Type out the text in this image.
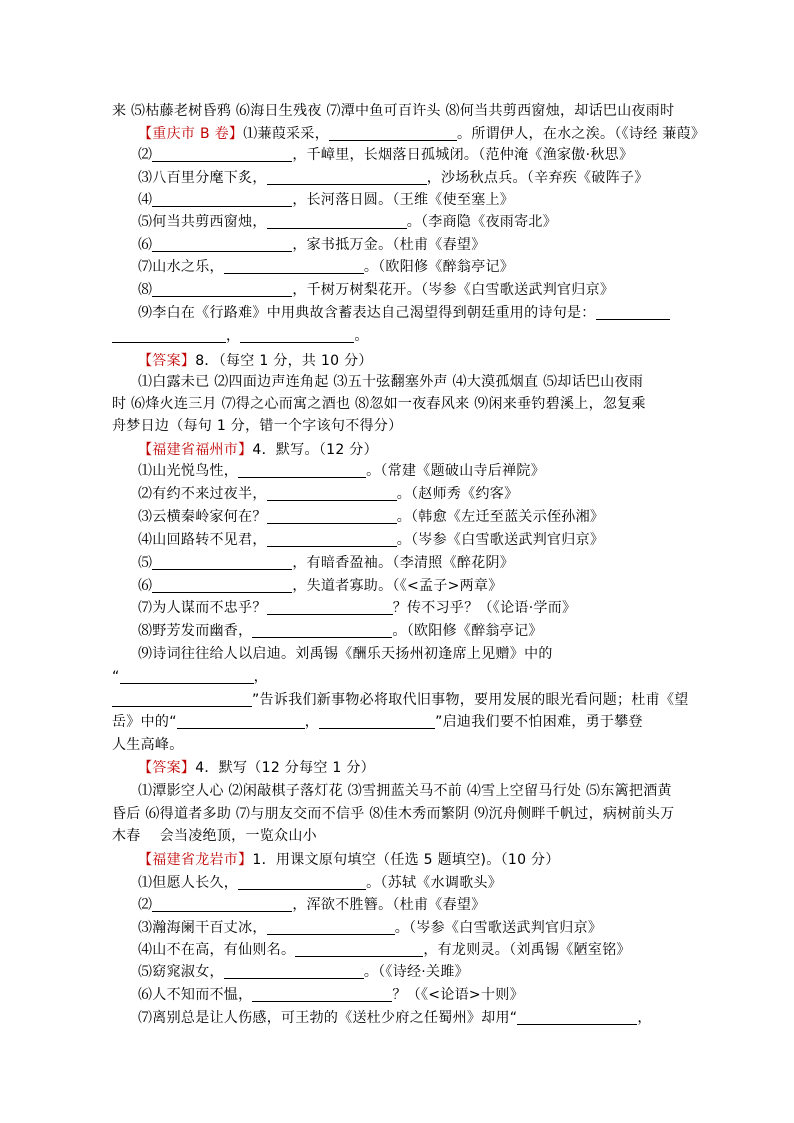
来 ⑸枯藤老树昏鸦 ⑹海日生残夜 ⑺潭中鱼可百许头 ⑻何当共剪西窗烛，却话巴山夜雨时
【重庆市 B 卷】⑴蒹葭采采，	。所谓伊人，在水之涘。（《诗经 蒹葭》
⑵	，千嶂里，长烟落日孤城闭。（范仲淹《渔家傲·秋思》
⑶八百里分麾下炙，	，沙场秋点兵。（辛弃疾《破阵子》
⑷	，长河落日圆。（王维《使至塞上》
⑸何当共剪西窗烛，	。（李商隐《夜雨寄北》
⑹	，家书抵万金。（杜甫《春望》
⑺山水之乐，	。（欧阳修《醉翁亭记》
⑻	，千树万树梨花开。（岑参《白雪歌送武判官归京》
⑼李白在《行路难》中用典故含蓄表达自己渴望得到朝廷重用的诗句是：
，	。
【答案】8．（每空 1 分，共 10 分）
⑴白露未已 ⑵四面边声连角起 ⑶五十弦翻塞外声 ⑷大漠孤烟直 ⑸却话巴山夜雨
时 ⑹烽火连三月 ⑺得之心而寓之酒也 ⑻忽如一夜春风来 ⑼闲来垂钓碧溪上，忽复乘
舟梦日边（每句 1 分，错一个字该句不得分）
【福建省福州市】4．默写。（12 分）
⑴山光悦鸟性，	。（常建《题破山寺后禅院》
⑵有约不来过夜半，	。（赵师秀《约客》
⑶云横秦岭家何在？	。（韩愈《左迁至蓝关示侄孙湘》
⑷山回路转不见君，	。（岑参《白雪歌送武判官归京》
⑸	，有暗香盈袖。（李清照《醉花阴》
⑹	，失道者寡助。（《<孟子>两章》
⑺为人谋而不忠乎？	？传不习乎？（《论语·学而》
⑻野芳发而幽香，	。（欧阳修《醉翁亭记》
⑼诗词往往给人以启迪。刘禹锡《酬乐天扬州初逢席上见赠》中的
“	，
”告诉我们新事物必将取代旧事物，要用发展的眼光看问题；杜甫《望
岳》中的“	，	”启迪我们要不怕困难，勇于攀登
人生高峰。
【答案】4．默写（12 分每空 1 分）
⑴潭影空人心 ⑵闲敲棋子落灯花 ⑶雪拥蓝关马不前 ⑷雪上空留马行处 ⑸东篱把酒黄
昏后 ⑹得道者多助 ⑺与朋友交而不信乎 ⑻佳木秀而繁阴 ⑼沉舟侧畔千帆过，病树前头万
木春　 会当凌绝顶，一览众山小
【福建省龙岩市】1．用课文原句填空（任选 5 题填空)。（10 分）
⑴但愿人长久，	。（苏轼《水调歌头》
⑵	，浑欲不胜簪。（杜甫《春望》
⑶瀚海阑干百丈冰，	。（岑参《白雪歌送武判官归京》
⑷山不在高，有仙则名。	，有龙则灵。（刘禹锡《陋室铭》
⑸窈窕淑女，	。（《诗经·关雎》
⑹人不知而不愠，	？（《<论语>十则》
⑺离别总是让人伤感，可王勃的《送杜少府之任蜀州》却用“	，
